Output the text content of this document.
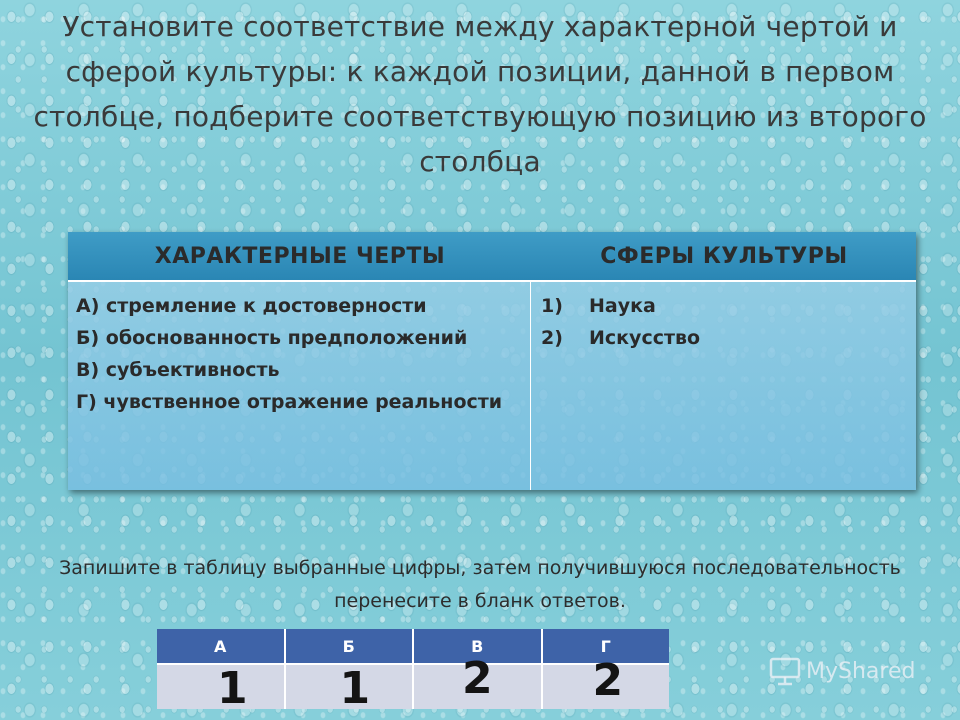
Установите соответствие между характерной чертой и
сферой культуры: к каждой позиции, данной в первом
столбце, подберите соответствующую позицию из второго
столбца
ХАРАКТЕРНЫЕ ЧЕРТЫ	СФЕРЫ КУЛЬТУРЫ
А) стремление к достоверности
Б) обоснованность предположений
В) субъективность
Г) чувственное отражение реальности
1)	Наука
2)	Искусство
Запишите в таблицу выбранные цифры, затем получившуюся последовательность
перенесите в бланк ответов.
А	Б	В	Г

1	1	2	2	MyShared
